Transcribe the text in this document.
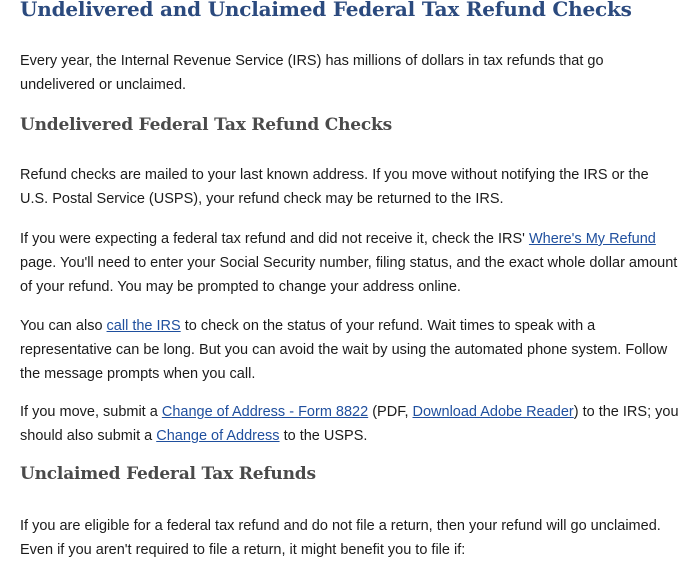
Undelivered and Unclaimed Federal Tax Refund Checks

Every year, the Internal Revenue Service (IRS) has millions of dollars in tax refunds that go undelivered or unclaimed.

Undelivered Federal Tax Refund Checks

Refund checks are mailed to your last known address. If you move without notifying the IRS or the U.S. Postal Service (USPS), your refund check may be returned to the IRS.

If you were expecting a federal tax refund and did not receive it, check the IRS' Where's My Refund page. You'll need to enter your Social Security number, filing status, and the exact whole dollar amount of your refund. You may be prompted to change your address online.

You can also call the IRS to check on the status of your refund. Wait times to speak with a representative can be long. But you can avoid the wait by using the automated phone system. Follow the message prompts when you call.

If you move, submit a Change of Address - Form 8822 (PDF, Download Adobe Reader) to the IRS; you should also submit a Change of Address to the USPS.

Unclaimed Federal Tax Refunds

If you are eligible for a federal tax refund and do not file a return, then your refund will go unclaimed. Even if you aren't required to file a return, it might benefit you to file if:
